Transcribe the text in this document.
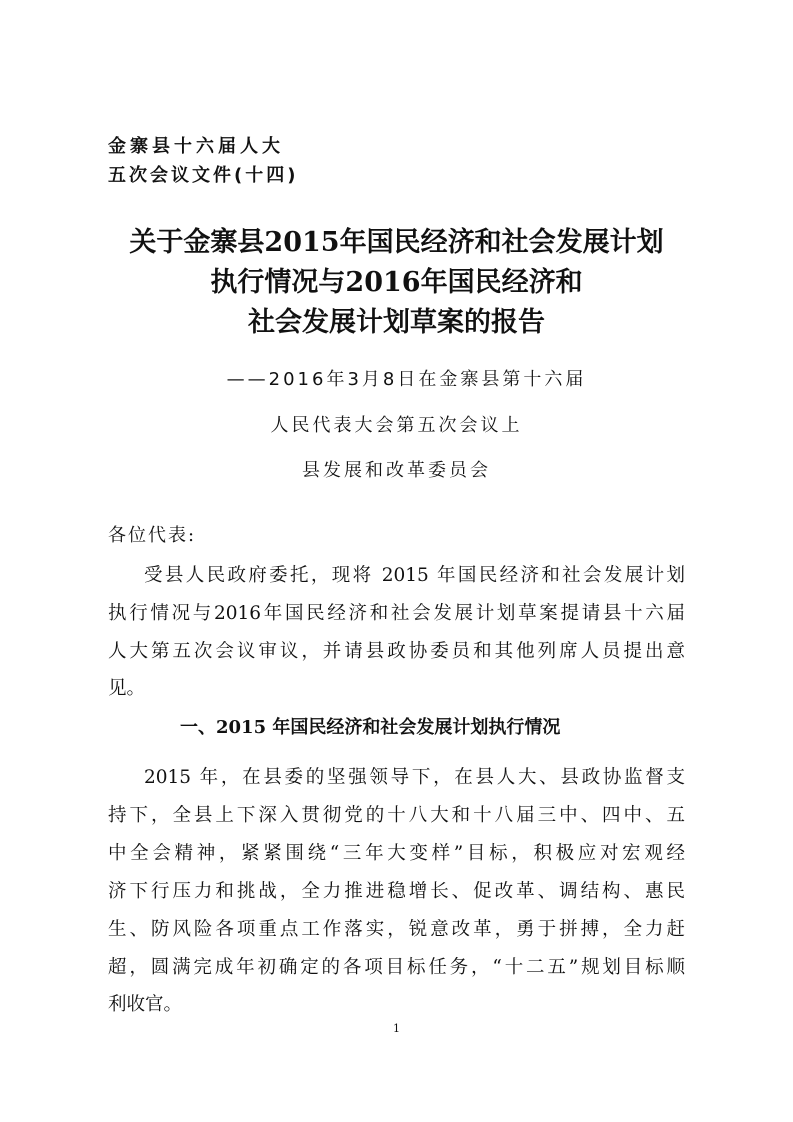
金寨县十六届人大
五次会议文件(十四)
关于金寨县2015年国民经济和社会发展计划
执行情况与2016年国民经济和
社会发展计划草案的报告
——2016年3月8日在金寨县第十六届
人民代表大会第五次会议上
县发展和改革委员会
各位代表:
受县人民政府委托，现将 2015 年国民经济和社会发展计划
执行情况与2016年国民经济和社会发展计划草案提请县十六届
人大第五次会议审议，并请县政协委员和其他列席人员提出意
见。
一、2015 年国民经济和社会发展计划执行情况
2015 年，在县委的坚强领导下，在县人大、县政协监督支
持下，全县上下深入贯彻党的十八大和十八届三中、四中、五
中全会精神，紧紧围绕“三年大变样”目标，积极应对宏观经
济下行压力和挑战，全力推进稳增长、促改革、调结构、惠民
生、防风险各项重点工作落实，锐意改革，勇于拼搏，全力赶
超，圆满完成年初确定的各项目标任务，“十二五”规划目标顺
利收官。
1
